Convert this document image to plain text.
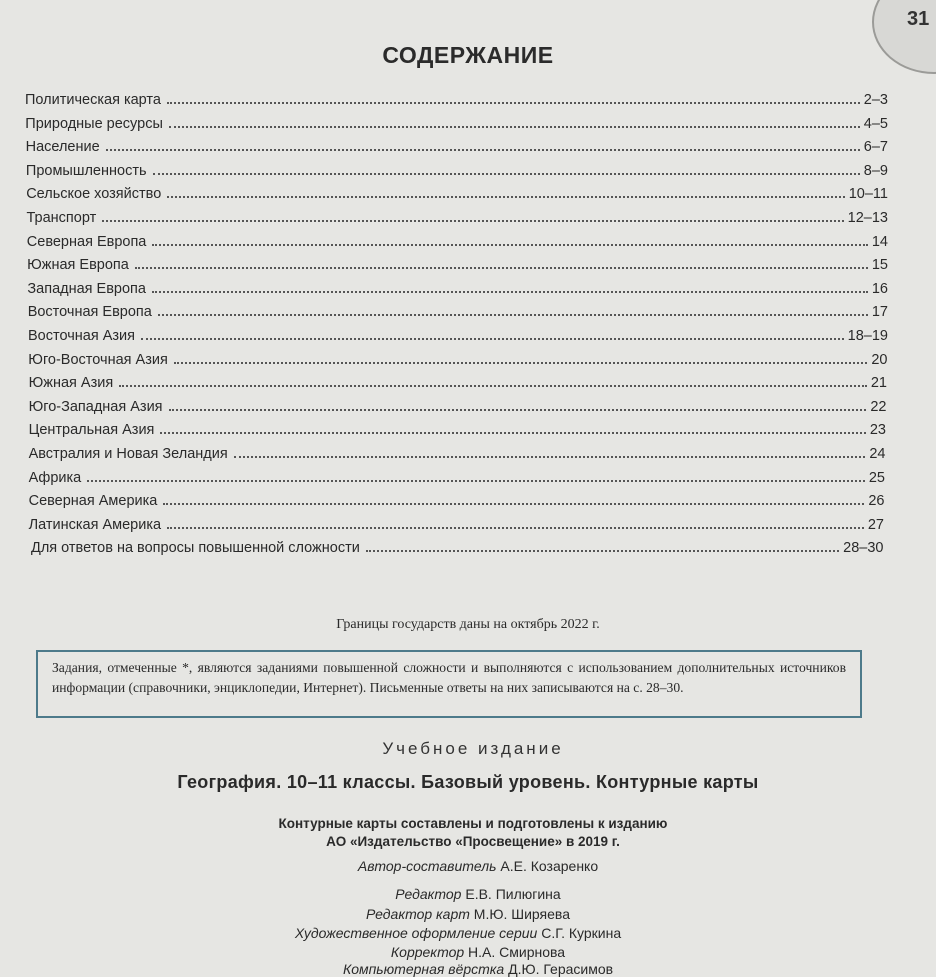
31
СОДЕРЖАНИЕ
Политическая карта	2–3
Природные ресурсы	4–5
Население	6–7
Промышленность	8–9
Сельское хозяйство	10–11
Транспорт	12–13
Северная Европа	14
Южная Европа	15
Западная Европа	16
Восточная Европа	17
Восточная Азия	18–19
Юго-Восточная Азия	20
Южная Азия	21
Юго-Западная Азия	22
Центральная Азия	23
Австралия и Новая Зеландия	24
Африка	25
Северная Америка	26
Латинская Америка	27
Для ответов на вопросы повышенной сложности	28–30
Границы государств даны на октябрь 2022 г.
Задания, отмеченные *, являются заданиями повышенной сложности и выполняются с использованием дополнительных источников информации (справочники, энциклопедии, Интернет). Письменные ответы на них записываются на с. 28–30.
Учебное издание
География. 10–11 классы. Базовый уровень. Контурные карты
Контурные карты составлены и подготовлены к изданию
АО «Издательство «Просвещение» в 2019 г.
Автор-составитель А.Е. Козаренко
Редактор Е.В. Пилюгина
Редактор карт М.Ю. Ширяева
Художественное оформление серии С.Г. Куркина
Корректор Н.А. Смирнова
Компьютерная вёрстка Д.Ю. Герасимов
